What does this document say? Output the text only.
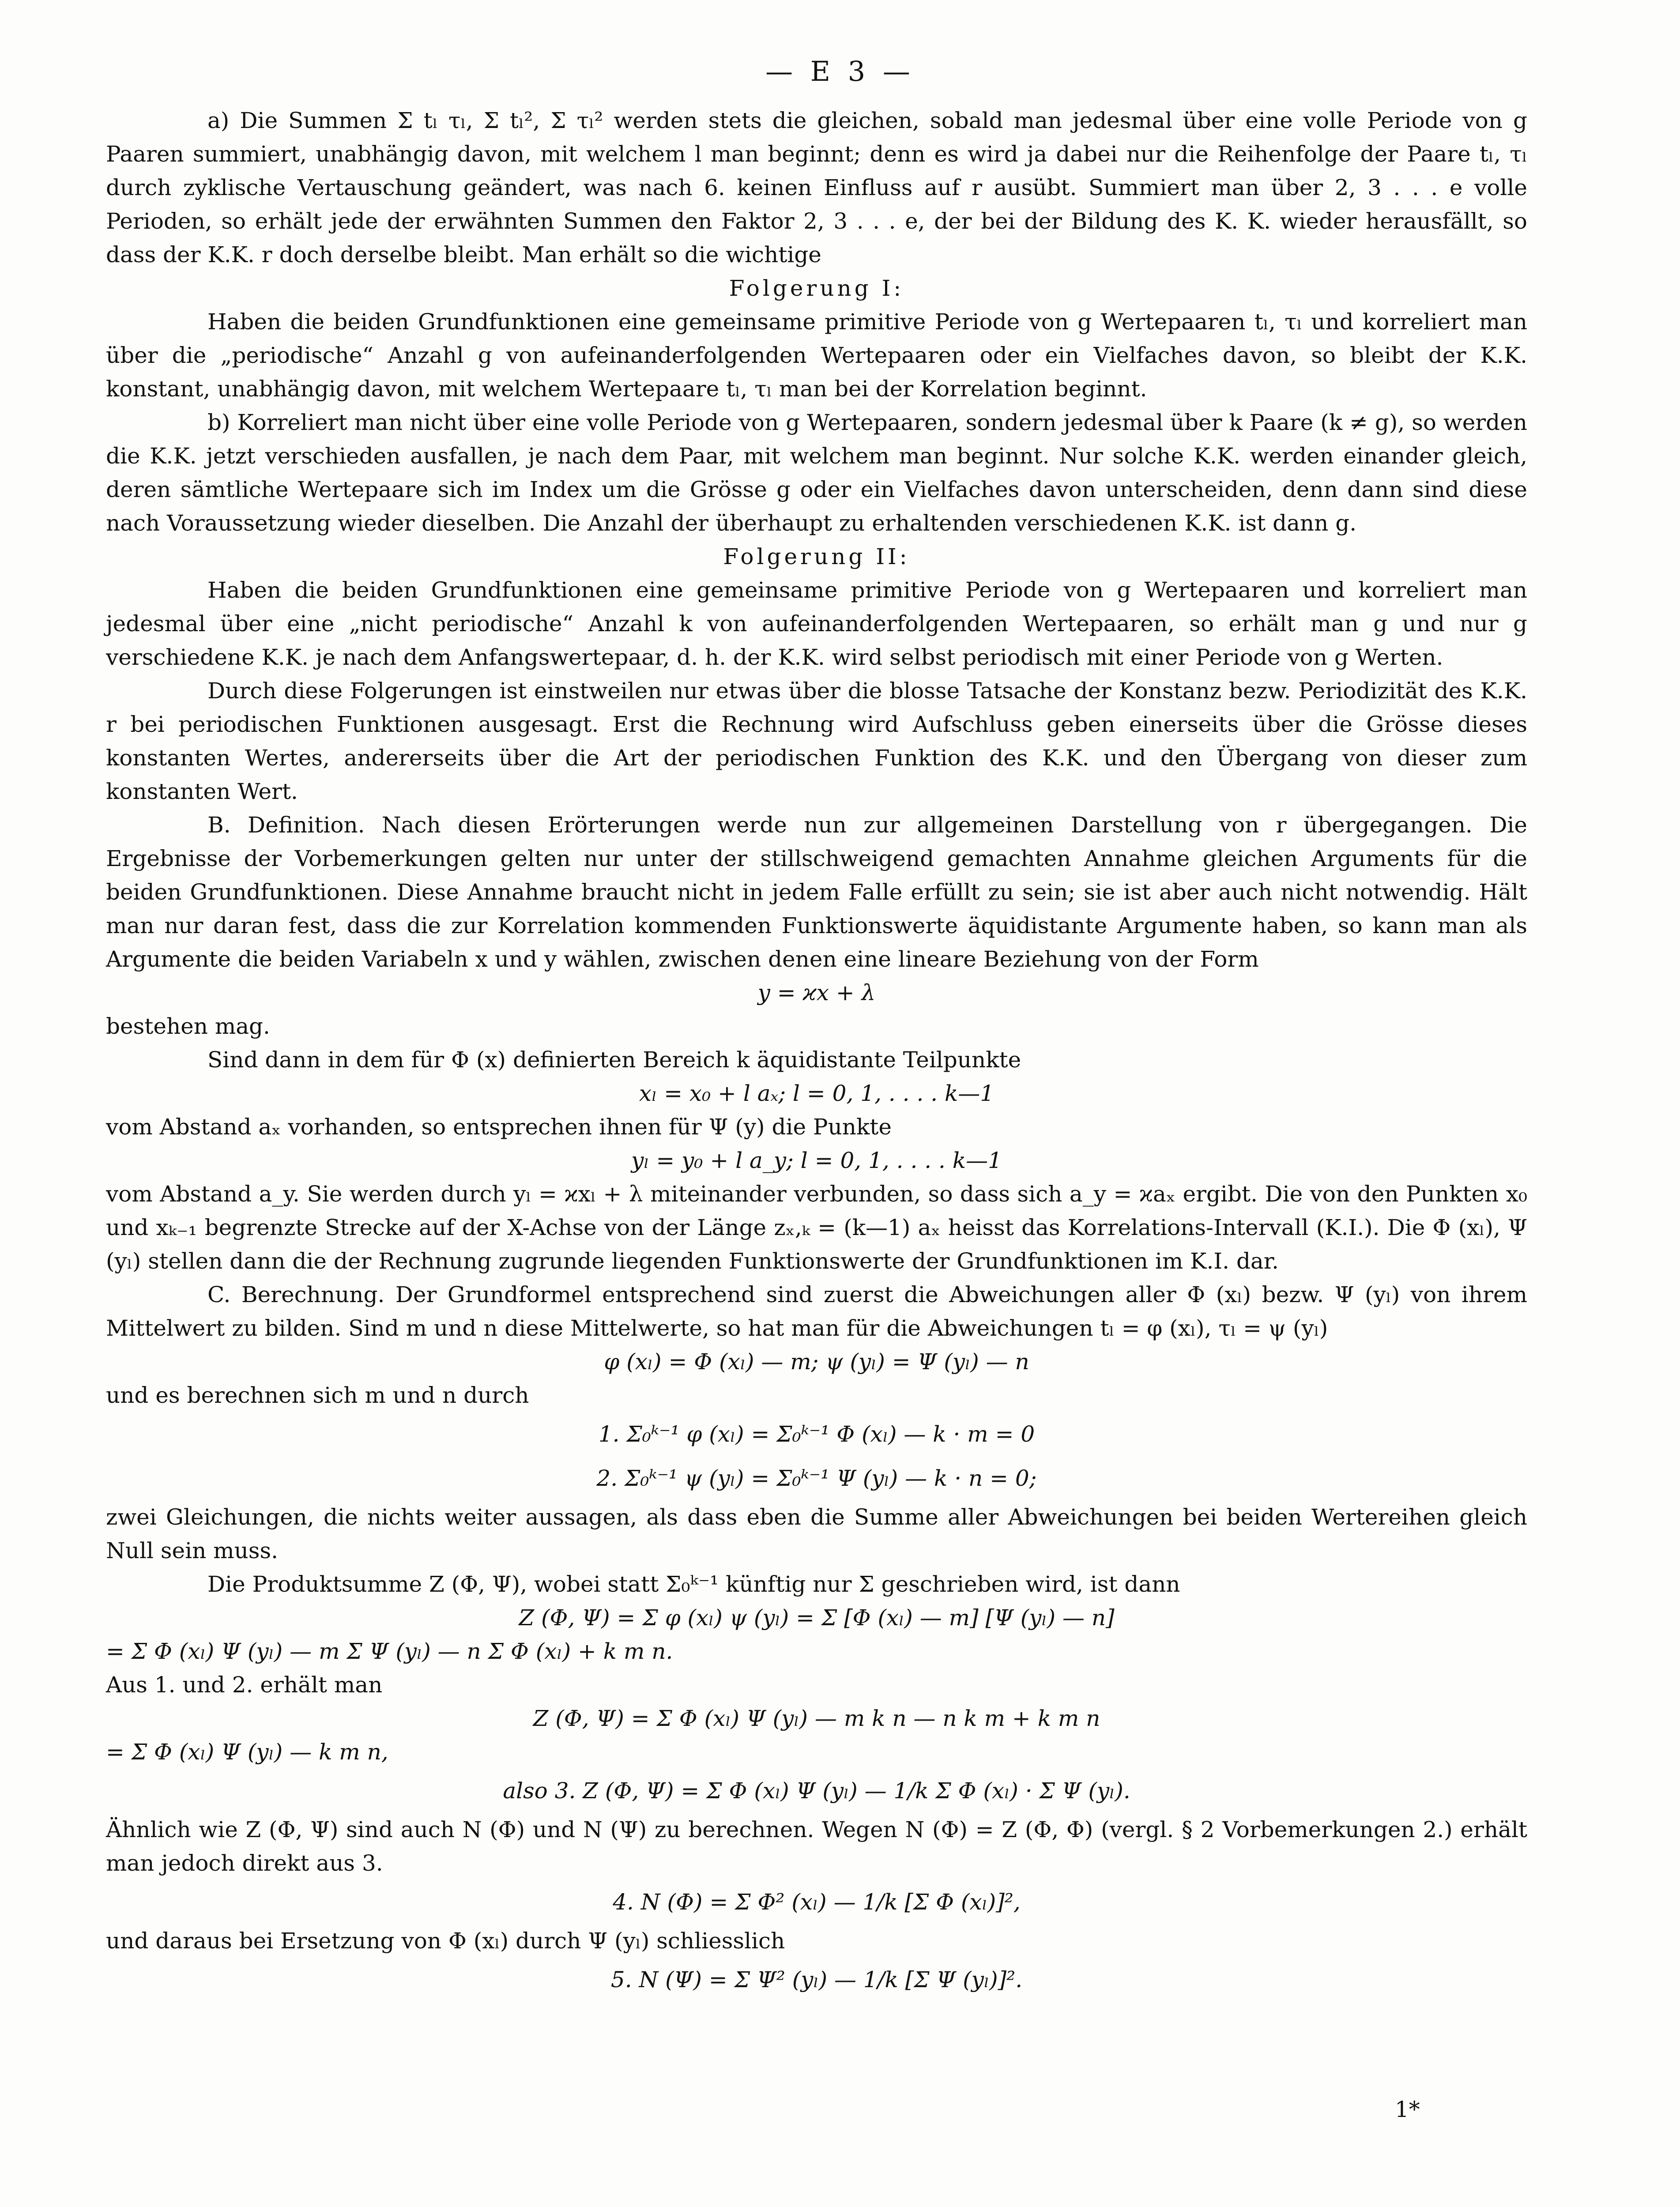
— E 3 —

a) Die Summen Σ tₗ τₗ, Σ tₗ², Σ τₗ² werden stets die gleichen, sobald man jedesmal über eine volle Periode von g Paaren summiert, unabhängig davon, mit welchem l man beginnt; denn es wird ja dabei nur die Reihenfolge der Paare tₗ, τₗ durch zyklische Vertauschung geändert, was nach 6. keinen Einfluss auf r ausübt. Summiert man über 2, 3 . . . e volle Perioden, so erhält jede der erwähnten Summen den Faktor 2, 3 . . . e, der bei der Bildung des K. K. wieder herausfällt, so dass der K.K. r doch derselbe bleibt. Man erhält so die wichtige

Folgerung I:

Haben die beiden Grundfunktionen eine gemeinsame primitive Periode von g Wertepaaren tₗ, τₗ und korreliert man über die „periodische“ Anzahl g von aufeinanderfolgenden Wertepaaren oder ein Vielfaches davon, so bleibt der K.K. konstant, unabhängig davon, mit welchem Wertepaare tₗ, τₗ man bei der Korrelation beginnt.

b) Korreliert man nicht über eine volle Periode von g Wertepaaren, sondern jedesmal über k Paare (k ≠ g), so werden die K.K. jetzt verschieden ausfallen, je nach dem Paar, mit welchem man beginnt. Nur solche K.K. werden einander gleich, deren sämtliche Wertepaare sich im Index um die Grösse g oder ein Vielfaches davon unterscheiden, denn dann sind diese nach Voraussetzung wieder dieselben. Die Anzahl der überhaupt zu erhaltenden verschiedenen K.K. ist dann g.

Folgerung II:

Haben die beiden Grundfunktionen eine gemeinsame primitive Periode von g Wertepaaren und korreliert man jedesmal über eine „nicht periodische“ Anzahl k von aufeinanderfolgenden Wertepaaren, so erhält man g und nur g verschiedene K.K. je nach dem Anfangswertepaar, d. h. der K.K. wird selbst periodisch mit einer Periode von g Werten.

Durch diese Folgerungen ist einstweilen nur etwas über die blosse Tatsache der Konstanz bezw. Periodizität des K.K. r bei periodischen Funktionen ausgesagt. Erst die Rechnung wird Aufschluss geben einerseits über die Grösse dieses konstanten Wertes, andererseits über die Art der periodischen Funktion des K.K. und den Übergang von dieser zum konstanten Wert.

B. Definition. Nach diesen Erörterungen werde nun zur allgemeinen Darstellung von r übergegangen. Die Ergebnisse der Vorbemerkungen gelten nur unter der stillschweigend gemachten Annahme gleichen Arguments für die beiden Grundfunktionen. Diese Annahme braucht nicht in jedem Falle erfüllt zu sein; sie ist aber auch nicht notwendig. Hält man nur daran fest, dass die zur Korrelation kommenden Funktionswerte äquidistante Argumente haben, so kann man als Argumente die beiden Variabeln x und y wählen, zwischen denen eine lineare Beziehung von der Form

y = ϰx + λ

bestehen mag.

Sind dann in dem für Φ (x) definierten Bereich k äquidistante Teilpunkte

xₗ = x₀ + l aₓ; l = 0, 1, . . . . k—1

vom Abstand aₓ vorhanden, so entsprechen ihnen für Ψ (y) die Punkte

yₗ = y₀ + l a_y; l = 0, 1, . . . . k—1

vom Abstand a_y. Sie werden durch yₗ = ϰxₗ + λ miteinander verbunden, so dass sich a_y = ϰaₓ ergibt. Die von den Punkten x₀ und xₖ₋₁ begrenzte Strecke auf der X-Achse von der Länge zₓ,ₖ = (k—1) aₓ heisst das Korrelations-Intervall (K.I.). Die Φ (xₗ), Ψ (yₗ) stellen dann die der Rechnung zugrunde liegenden Funktionswerte der Grundfunktionen im K.I. dar.

C. Berechnung. Der Grundformel entsprechend sind zuerst die Abweichungen aller Φ (xₗ) bezw. Ψ (yₗ) von ihrem Mittelwert zu bilden. Sind m und n diese Mittelwerte, so hat man für die Abweichungen tₗ = φ (xₗ), τₗ = ψ (yₗ)

φ (xₗ) = Φ (xₗ) — m; ψ (yₗ) = Ψ (yₗ) — n

und es berechnen sich m und n durch

1. Σ₀ᵏ⁻¹ φ (xₗ) = Σ₀ᵏ⁻¹ Φ (xₗ) — k · m = 0

2. Σ₀ᵏ⁻¹ ψ (yₗ) = Σ₀ᵏ⁻¹ Ψ (yₗ) — k · n = 0;

zwei Gleichungen, die nichts weiter aussagen, als dass eben die Summe aller Abweichungen bei beiden Wertereihen gleich Null sein muss.

Die Produktsumme Z (Φ, Ψ), wobei statt Σ₀ᵏ⁻¹ künftig nur Σ geschrieben wird, ist dann

Z (Φ, Ψ) = Σ φ (xₗ) ψ (yₗ) = Σ [Φ (xₗ) — m] [Ψ (yₗ) — n]

= Σ Φ (xₗ) Ψ (yₗ) — m Σ Ψ (yₗ) — n Σ Φ (xₗ) + k m n.

Aus 1. und 2. erhält man

Z (Φ, Ψ) = Σ Φ (xₗ) Ψ (yₗ) — m k n — n k m + k m n

= Σ Φ (xₗ) Ψ (yₗ) — k m n,

also 3. Z (Φ, Ψ) = Σ Φ (xₗ) Ψ (yₗ) — 1/k Σ Φ (xₗ) · Σ Ψ (yₗ).

Ähnlich wie Z (Φ, Ψ) sind auch N (Φ) und N (Ψ) zu berechnen. Wegen N (Φ) = Z (Φ, Φ) (vergl. § 2 Vorbemerkungen 2.) erhält man jedoch direkt aus 3.

4. N (Φ) = Σ Φ² (xₗ) — 1/k [Σ Φ (xₗ)]²,

und daraus bei Ersetzung von Φ (xₗ) durch Ψ (yₗ) schliesslich

5. N (Ψ) = Σ Ψ² (yₗ) — 1/k [Σ Ψ (yₗ)]².

1*
